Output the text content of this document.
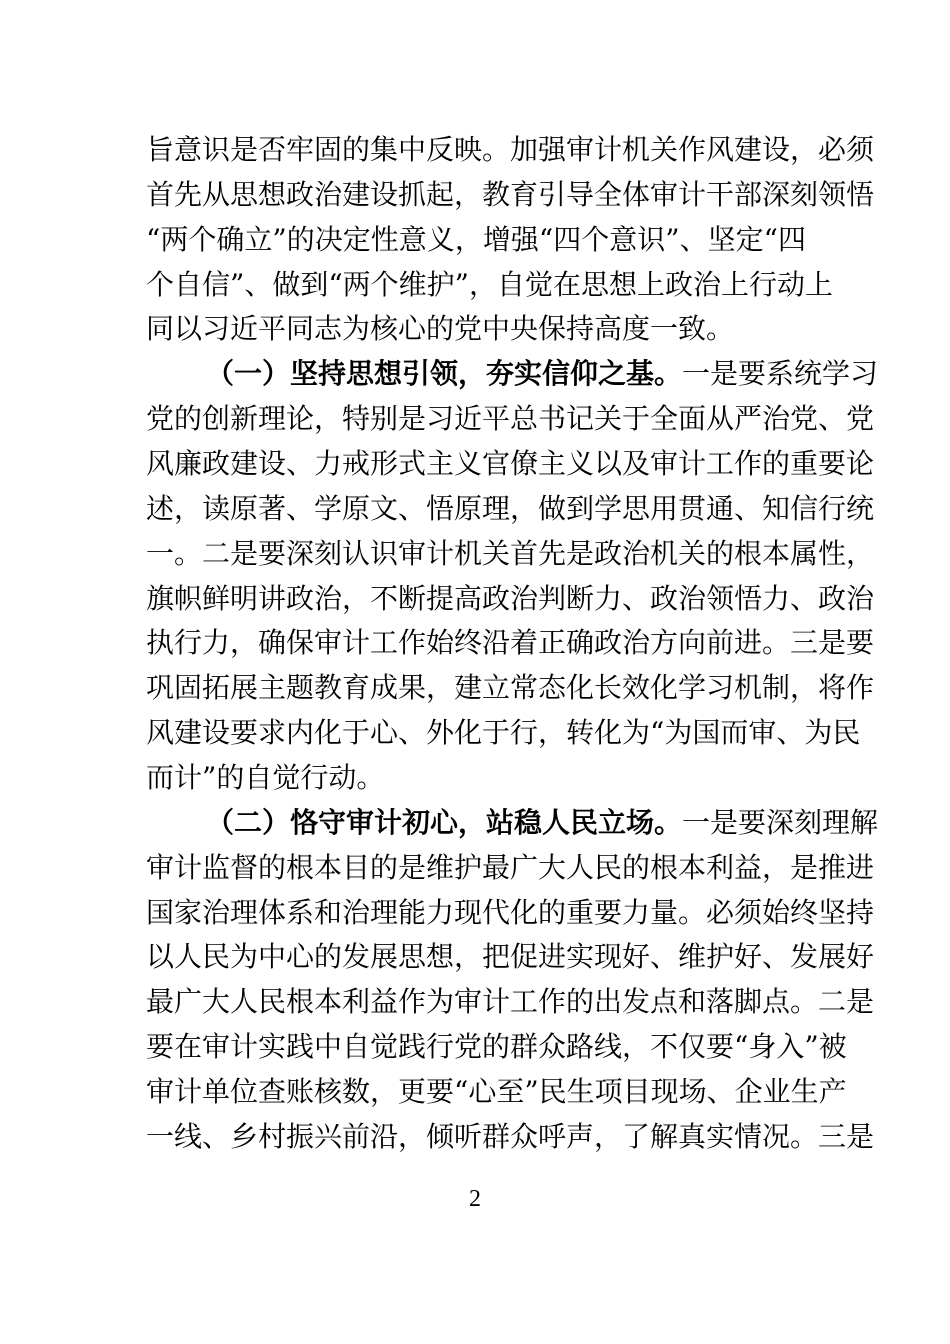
旨意识是否牢固的集中反映。加强审计机关作风建设，必须
首先从思想政治建设抓起，教育引导全体审计干部深刻领悟
“两个确立”的决定性意义，增强“四个意识”、坚定“四
个自信”、做到“两个维护”，自觉在思想上政治上行动上
同以习近平同志为核心的党中央保持高度一致。
（一）坚持思想引领，夯实信仰之基。一是要系统学习
党的创新理论，特别是习近平总书记关于全面从严治党、党
风廉政建设、力戒形式主义官僚主义以及审计工作的重要论
述，读原著、学原文、悟原理，做到学思用贯通、知信行统
一。二是要深刻认识审计机关首先是政治机关的根本属性，
旗帜鲜明讲政治，不断提高政治判断力、政治领悟力、政治
执行力，确保审计工作始终沿着正确政治方向前进。三是要
巩固拓展主题教育成果，建立常态化长效化学习机制，将作
风建设要求内化于心、外化于行，转化为“为国而审、为民
而计”的自觉行动。
（二）恪守审计初心，站稳人民立场。一是要深刻理解
审计监督的根本目的是维护最广大人民的根本利益，是推进
国家治理体系和治理能力现代化的重要力量。必须始终坚持
以人民为中心的发展思想，把促进实现好、维护好、发展好
最广大人民根本利益作为审计工作的出发点和落脚点。二是
要在审计实践中自觉践行党的群众路线，不仅要“身入”被
审计单位查账核数，更要“心至”民生项目现场、企业生产
一线、乡村振兴前沿，倾听群众呼声，了解真实情况。三是
2
